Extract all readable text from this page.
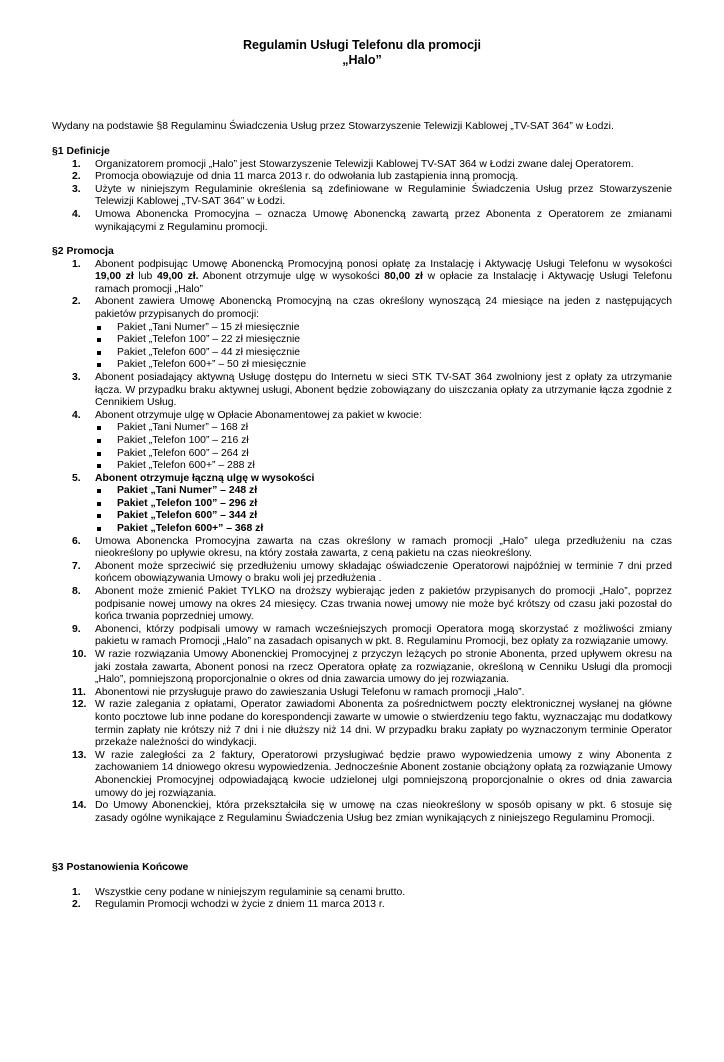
Regulamin Usługi Telefonu dla promocji
„Halo”
Wydany na podstawie §8 Regulaminu Świadczenia Usług przez Stowarzyszenie Telewizji Kablowej „TV-SAT 364” w Łodzi.
§1 Definicje
1.	Organizatorem promocji „Halo” jest Stowarzyszenie Telewizji Kablowej TV-SAT 364 w Łodzi zwane dalej Operatorem.
2.	Promocja obowiązuje od dnia 11 marca 2013 r. do odwołania lub zastąpienia inną promocją.
3.	Użyte w niniejszym Regulaminie określenia są zdefiniowane w Regulaminie Świadczenia Usług przez Stowarzyszenie Telewizji Kablowej „TV-SAT 364” w Łodzi.
4.	Umowa Abonencka Promocyjna – oznacza Umowę Abonencką zawartą przez Abonenta z Operatorem ze zmianami wynikającymi z Regulaminu promocji.
§2 Promocja
1.	Abonent podpisując Umowę Abonencką Promocyjną ponosi opłatę za Instalację i Aktywację Usługi Telefonu w wysokości 19,00 zł lub 49,00 zł. Abonent otrzymuje ulgę w wysokości 80,00 zł w opłacie za Instalację i Aktywację Usługi Telefonu ramach promocji „Halo”
2.	Abonent zawiera Umowę Abonencką Promocyjną na czas określony wynoszącą 24 miesiące na jeden z następujących pakietów przypisanych do promocji:
Pakiet „Tani Numer” – 15 zł miesięcznie
Pakiet „Telefon 100” – 22 zł miesięcznie
Pakiet „Telefon 600” – 44 zł miesięcznie
Pakiet „Telefon 600+” – 50 zł miesięcznie
3.	Abonent posiadający aktywną Usługę dostępu do Internetu w sieci STK TV-SAT 364 zwolniony jest z opłaty za utrzymanie łącza. W przypadku braku aktywnej usługi, Abonent będzie zobowiązany do uiszczania opłaty za utrzymanie łącza zgodnie z Cennikiem Usług.
4.	Abonent otrzymuje ulgę w Opłacie Abonamentowej za pakiet w kwocie:
Pakiet „Tani Numer” – 168 zł
Pakiet „Telefon 100” – 216 zł
Pakiet „Telefon 600” – 264 zł
Pakiet „Telefon 600+” – 288 zł
5.	Abonent otrzymuje łączną ulgę w wysokości
Pakiet „Tani Numer” – 248 zł
Pakiet „Telefon 100” – 296 zł
Pakiet „Telefon 600” – 344 zł
Pakiet „Telefon 600+” – 368 zł
6.	Umowa Abonencka Promocyjna zawarta na czas określony w ramach promocji „Halo” ulega przedłużeniu na czas nieokreślony po upływie okresu, na który została zawarta, z ceną pakietu na czas nieokreślony.
7.	Abonent może sprzeciwić się przedłużeniu umowy składając oświadczenie Operatorowi najpóźniej w terminie 7 dni przed końcem obowiązywania Umowy o braku woli jej przedłużenia .
8.	Abonent może zmienić Pakiet TYLKO na droższy wybierając jeden z pakietów przypisanych do promocji „Halo”, poprzez podpisanie nowej umowy na okres 24 miesięcy. Czas trwania nowej umowy nie może być krótszy od czasu jaki pozostał do końca trwania poprzedniej umowy.
9.	Abonenci, którzy podpisali umowy w ramach wcześniejszych promocji Operatora mogą skorzystać z możliwości zmiany pakietu w ramach Promocji „Halo” na zasadach opisanych w pkt. 8. Regulaminu Promocji, bez opłaty za rozwiązanie umowy.
10. W razie rozwiązania Umowy Abonenckiej Promocyjnej z przyczyn leżących po stronie Abonenta, przed upływem okresu na jaki została zawarta, Abonent ponosi na rzecz Operatora opłatę za rozwiązanie, określoną w Cenniku Usługi dla promocji „Halo”, pomniejszoną proporcjonalnie o okres od dnia zawarcia umowy do jej rozwiązania.
11. Abonentowi nie przysługuje prawo do zawieszania Usługi Telefonu w ramach promocji „Halo”.
12. W razie zalegania z opłatami, Operator zawiadomi Abonenta za pośrednictwem poczty elektronicznej wysłanej na główne konto pocztowe lub inne podane do korespondencji zawarte w umowie o stwierdzeniu tego faktu, wyznaczając mu dodatkowy termin zapłaty nie krótszy niż 7 dni i nie dłuższy niż 14 dni. W przypadku braku zapłaty po wyznaczonym terminie Operator przekaże należności do windykacji.
13. W razie zaległości za 2 faktury, Operatorowi przysługiwać będzie prawo wypowiedzenia umowy z winy Abonenta z zachowaniem 14 dniowego okresu wypowiedzenia. Jednocześnie Abonent zostanie obciążony opłatą za rozwiązanie Umowy Abonenckiej Promocyjnej odpowiadającą kwocie udzielonej ulgi pomniejszoną proporcjonalnie o okres od dnia zawarcia umowy do jej rozwiązania.
14. Do Umowy Abonenckiej, która przekształciła się w umowę na czas nieokreślony w sposób opisany w pkt. 6 stosuje się zasady ogólne wynikające z Regulaminu Świadczenia Usług bez zmian wynikających z niniejszego Regulaminu Promocji.
§3 Postanowienia Końcowe
1.	Wszystkie ceny podane w niniejszym regulaminie są cenami brutto.
2.	Regulamin Promocji wchodzi w życie z dniem 11 marca 2013 r.
